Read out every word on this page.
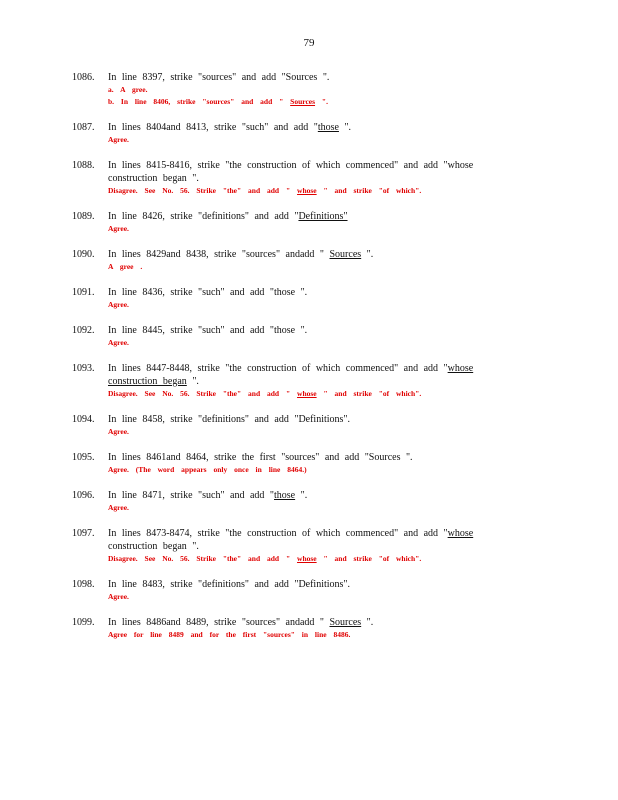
79
1086.	In line 8397, strike "sources" and add "Sources ".
a. A gree.
b. In line 8406, strike "sources" and add " Sources ".
1087.	In lines 8404and 8413, strike "such" and add "those ".
Agree.
1088.	In lines 8415-8416, strike "the construction of which commenced" and add "whose
construction began ".
Disagree. See No. 56. Strike "the" and add " whose " and strike "of which".
1089.	In line 8426, strike "definitions" and add "Definitions"
Agree.
1090.	In lines 8429and 8438, strike "sources" andadd " Sources ".
A gree .
1091.	In line 8436, strike "such" and add "those ".
Agree.
1092.	In line 8445, strike "such" and add "those ".
Agree.
1093.	In lines 8447-8448, strike "the construction of which commenced" and add "whose
construction began ".
Disagree. See No. 56. Strike "the" and add " whose " and strike "of which".
1094.	In line 8458, strike "definitions" and add "Definitions".
Agree.
1095.	In lines 8461and 8464, strike the first "sources" and add "Sources ".
Agree. (The word appears only once in line 8464.)
1096.	In line 8471, strike "such" and add "those ".
Agree.
1097.	In lines 8473-8474, strike "the construction of which commenced" and add "whose
construction began ".
Disagree. See No. 56. Strike "the" and add " whose " and strike "of which".
1098.	In line 8483, strike "definitions" and add "Definitions".
Agree.
1099.	In lines 8486and 8489, strike "sources" andadd " Sources ".
Agree for line 8489 and for the first "sources" in line 8486.
